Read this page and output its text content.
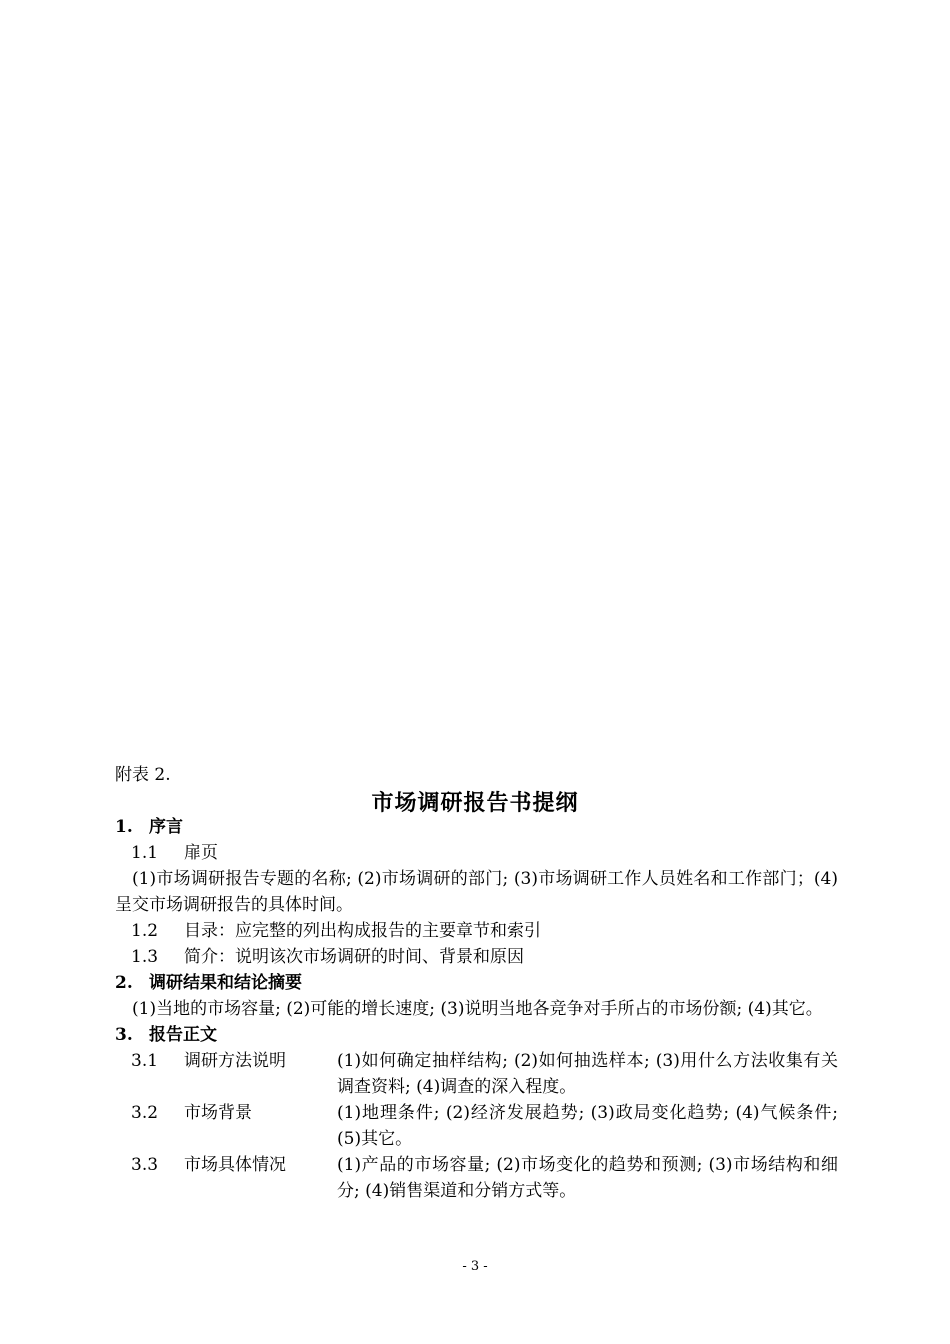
附表 2.
市场调研报告书提纲
1. 序言
1.1 扉页
(1)市场调研报告专题的名称; (2)市场调研的部门; (3)市场调研工作人员姓名和工作部门；(4)呈交市场调研报告的具体时间。
1.2 目录：应完整的列出构成报告的主要章节和索引
1.3 简介：说明该次市场调研的时间、背景和原因
2. 调研结果和结论摘要
(1)当地的市场容量; (2)可能的增长速度; (3)说明当地各竞争对手所占的市场份额; (4)其它。
3. 报告正文
3.1	调研方法说明	(1)如何确定抽样结构; (2)如何抽选样本; (3)用什么方法收集有关调查资料; (4)调查的深入程度。
3.2	市场背景	(1)地理条件; (2)经济发展趋势; (3)政局变化趋势; (4)气候条件; (5)其它。
3.3	市场具体情况	(1)产品的市场容量; (2)市场变化的趋势和预测; (3)市场结构和细分; (4)销售渠道和分销方式等。
- 3 -
